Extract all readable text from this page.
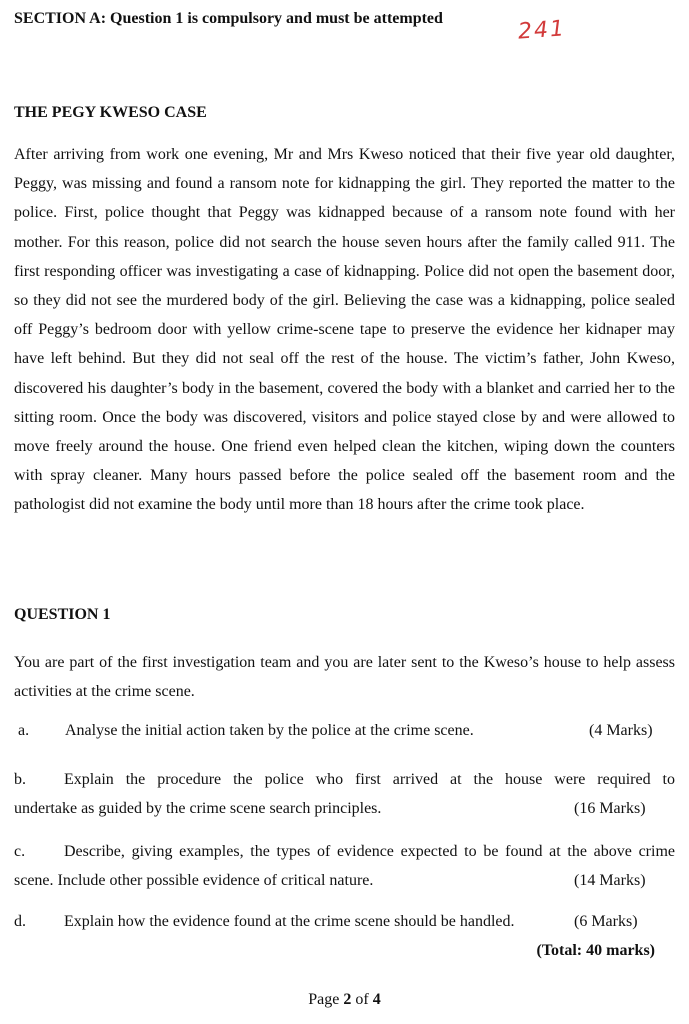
SECTION A: Question 1 is compulsory and must be attempted	241
THE PEGY KWESO CASE
After arriving from work one evening, Mr and Mrs Kweso noticed that their five year old daughter, Peggy, was missing and found a ransom note for kidnapping the girl. They reported the matter to the police. First, police thought that Peggy was kidnapped because of a ransom note found with her mother. For this reason, police did not search the house seven hours after the family called 911. The first responding officer was investigating a case of kidnapping. Police did not open the basement door, so they did not see the murdered body of the girl. Believing the case was a kidnapping, police sealed off Peggy’s bedroom door with yellow crime-scene tape to preserve the evidence her kidnaper may have left behind. But they did not seal off the rest of the house. The victim’s father, John Kweso, discovered his daughter’s body in the basement, covered the body with a blanket and carried her to the sitting room. Once the body was discovered, visitors and police stayed close by and were allowed to move freely around the house. One friend even helped clean the kitchen, wiping down the counters with spray cleaner. Many hours passed before the police sealed off the basement room and the pathologist did not examine the body until more than 18 hours after the crime took place.
QUESTION 1
You are part of the first investigation team and you are later sent to the Kweso’s house to help assess activities at the crime scene.
a. Analyse the initial action taken by the police at the crime scene.	(4 Marks)
b. Explain the procedure the police who first arrived at the house were required to
undertake as guided by the crime scene search principles.	(16 Marks)
c. Describe, giving examples, the types of evidence expected to be found at the above crime
scene. Include other possible evidence of critical nature.	(14 Marks)
d. Explain how the evidence found at the crime scene should be handled.	(6 Marks)
(Total: 40 marks)
Page 2 of 4
